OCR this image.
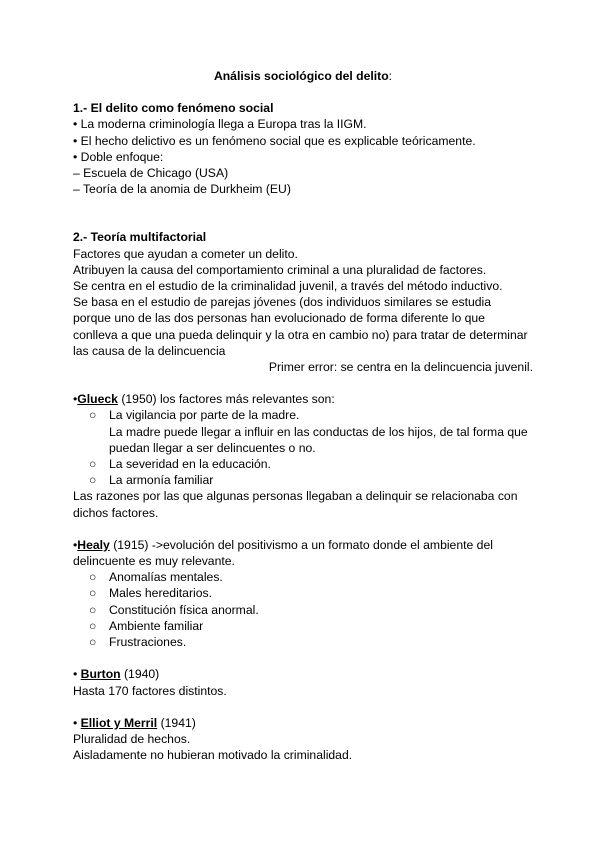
Análisis sociológico del delito:

1.- El delito como fenómeno social

• La moderna criminología llega a Europa tras la IIGM.

• El hecho delictivo es un fenómeno social que es explicable teóricamente.

• Doble enfoque:

– Escuela de Chicago (USA)

– Teoría de la anomia de Durkheim (EU)

2.- Teoría multifactorial

Factores que ayudan a cometer un delito.

Atribuyen la causa del comportamiento criminal a una pluralidad de factores.

Se centra en el estudio de la criminalidad juvenil, a través del método inductivo.

Se basa en el estudio de parejas jóvenes (dos individuos similares se estudia

porque uno de las dos personas han evolucionado de forma diferente lo que

conlleva a que una pueda delinquir y la otra en cambio no) para tratar de determinar

las causa de la delincuencia

Primer error: se centra en la delincuencia juvenil.

•Glueck (1950) los factores más relevantes son:

○ La vigilancia por parte de la madre.
La madre puede llegar a influir en las conductas de los hijos, de tal forma que
puedan llegar a ser delincuentes o no.
○ La severidad en la educación.
○ La armonía familiar

Las razones por las que algunas personas llegaban a delinquir se relacionaba con

dichos factores.

•Healy (1915) ->evolución del positivismo a un formato donde el ambiente del

delincuente es muy relevante.

○ Anomalías mentales.
○ Males hereditarios.
○ Constitución física anormal.
○ Ambiente familiar
○ Frustraciones.

• Burton (1940)

Hasta 170 factores distintos.

• Elliot y Merril (1941)

Pluralidad de hechos.

Aisladamente no hubieran motivado la criminalidad.
